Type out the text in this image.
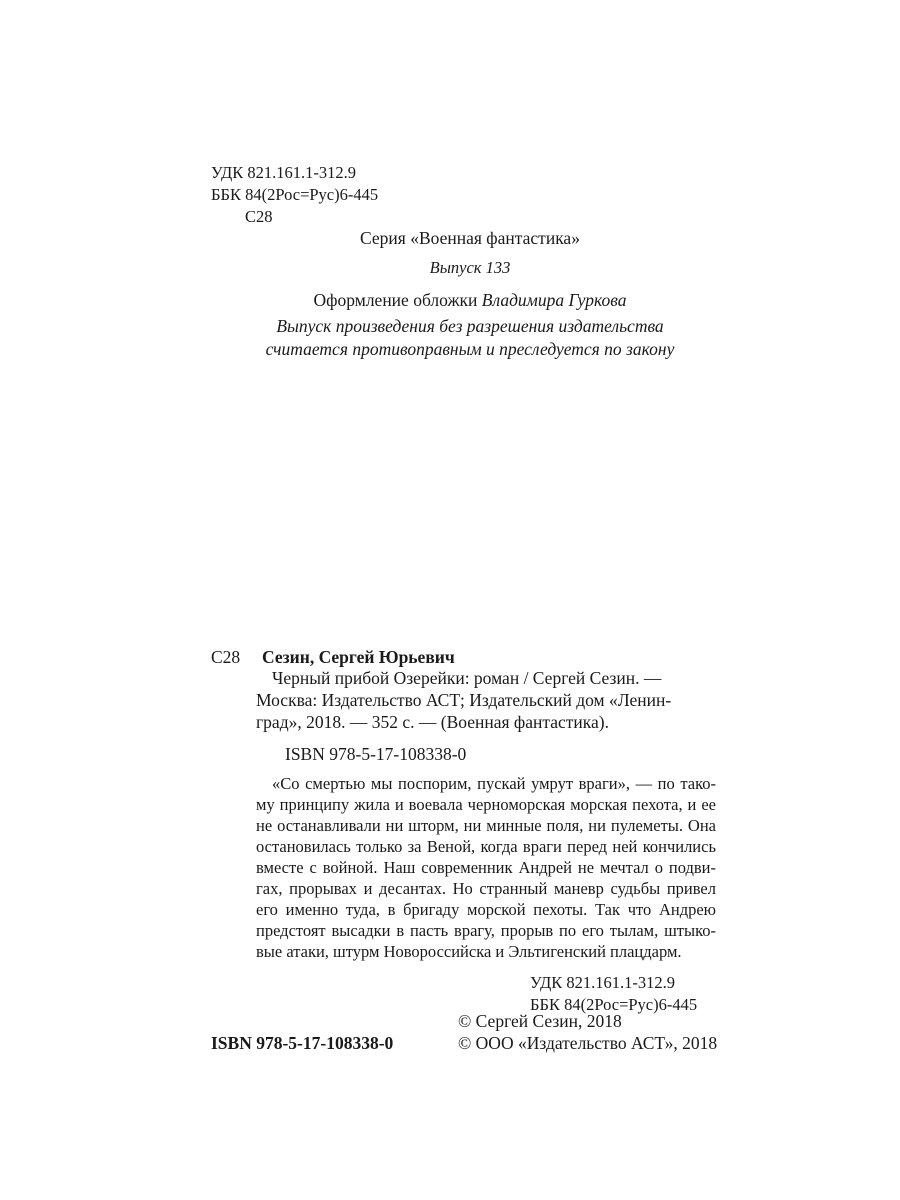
УДК 821.161.1-312.9
ББК 84(2Рос=Рус)6-445
С28
Серия «Военная фантастика»
Выпуск 133
Оформление обложки Владимира Гуркова
Выпуск произведения без разрешения издательства
считается противоправным и преследуется по закону
С28 Сезин, Сергей Юрьевич
Черный прибой Озерейки: роман / Сергей Сезин. —
Москва: Издательство АСТ; Издательский дом «Ленин-
град», 2018. — 352 с. — (Военная фантастика).
ISBN 978-5-17-108338-0
«Со смертью мы поспорим, пускай умрут враги», — по тако-
му принципу жила и воевала черноморская морская пехота, и ее
не останавливали ни шторм, ни минные поля, ни пулеметы. Она
остановилась только за Веной, когда враги перед ней кончились
вместе с войной. Наш современник Андрей не мечтал о подви-
гах, прорывах и десантах. Но странный маневр судьбы привел
его именно туда, в бригаду морской пехоты. Так что Андрею
предстоят высадки в пасть врагу, прорыв по его тылам, штыко-
вые атаки, штурм Новороссийска и Эльтигенский плацдарм.
УДК 821.161.1-312.9
ББК 84(2Рос=Рус)6-445
© Сергей Сезин, 2018
ISBN 978-5-17-108338-0	© ООО «Издательство АСТ», 2018
